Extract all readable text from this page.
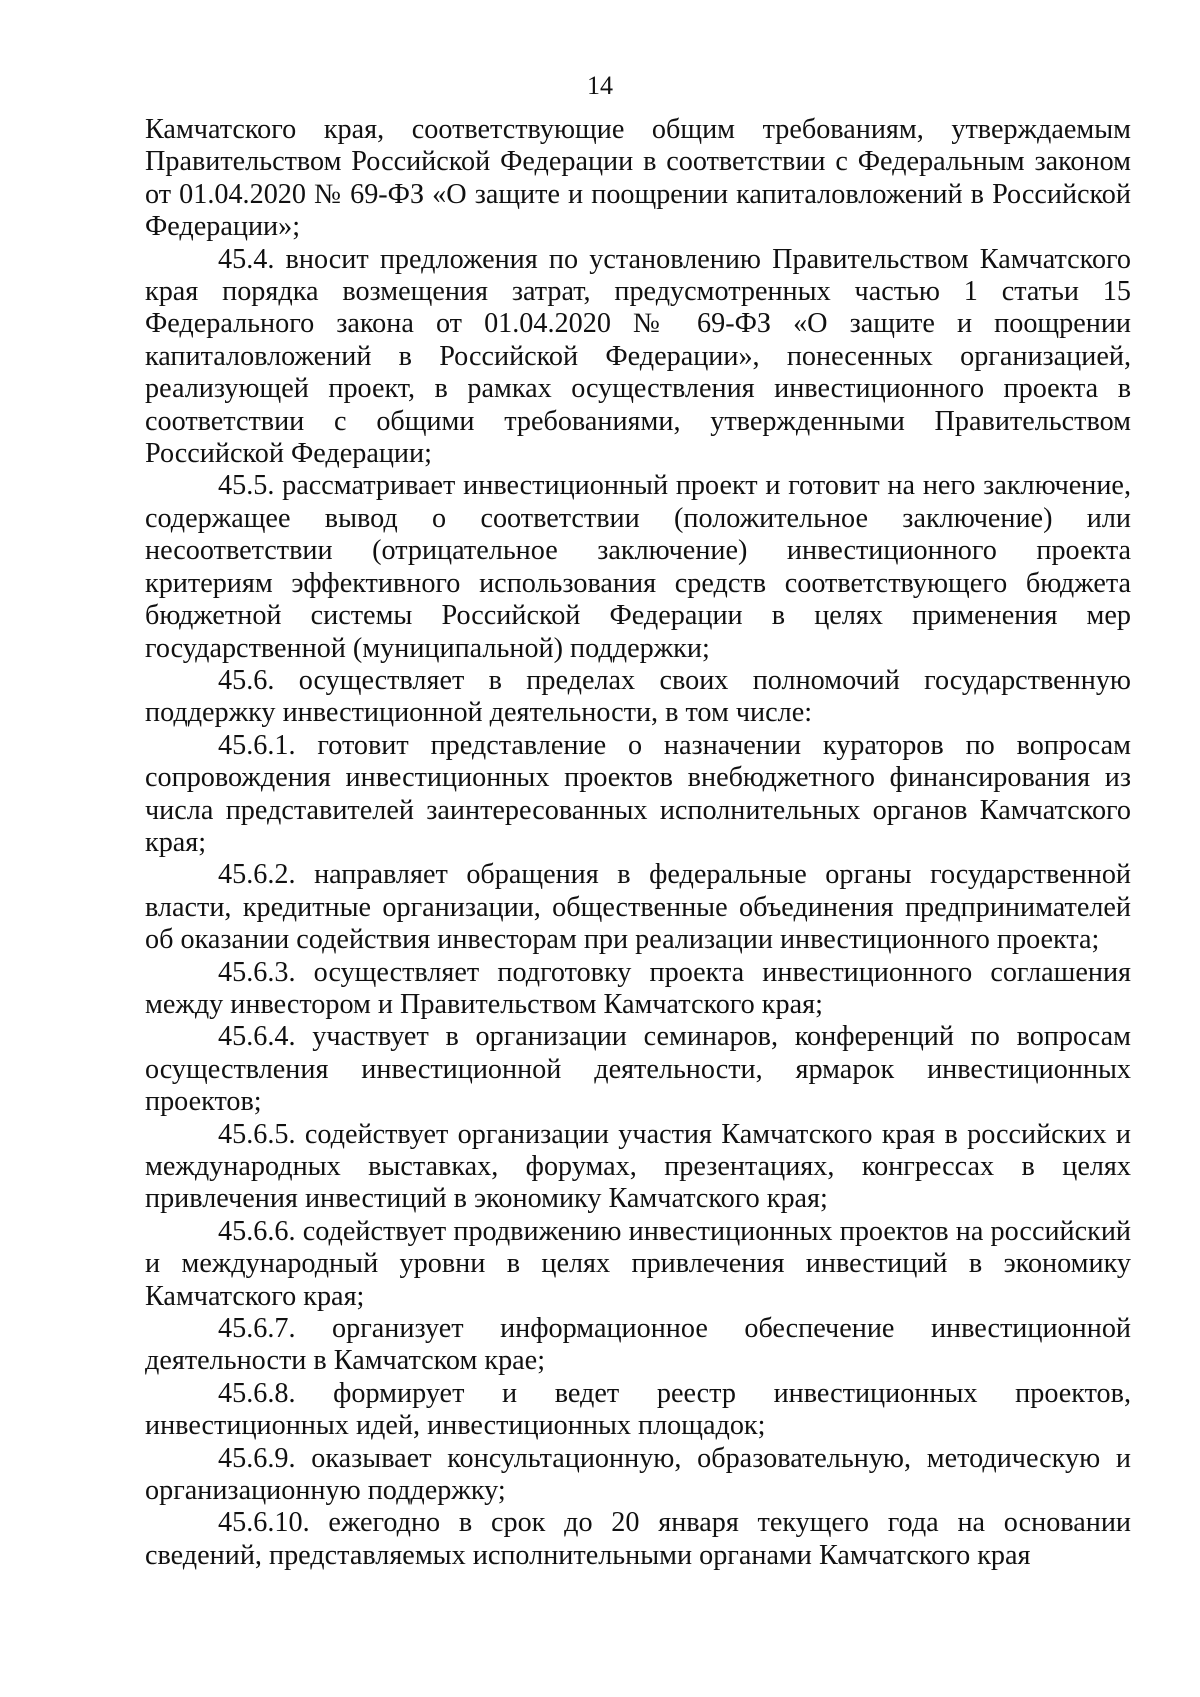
14

Камчатского края, соответствующие общим требованиям, утверждаемым Правительством Российской Федерации в соответствии с Федеральным законом от 01.04.2020 № 69-ФЗ «О защите и поощрении капиталовложений в Российской Федерации»;

45.4. вносит предложения по установлению Правительством Камчатского края порядка возмещения затрат, предусмотренных частью 1 статьи 15 Федерального закона от 01.04.2020 № 69-ФЗ «О защите и поощрении капиталовложений в Российской Федерации», понесенных организацией, реализующей проект, в рамках осуществления инвестиционного проекта в соответствии с общими требованиями, утвержденными Правительством Российской Федерации;

45.5. рассматривает инвестиционный проект и готовит на него заключение, содержащее вывод о соответствии (положительное заключение) или несоответствии (отрицательное заключение) инвестиционного проекта критериям эффективного использования средств соответствующего бюджета бюджетной системы Российской Федерации в целях применения мер государственной (муниципальной) поддержки;

45.6. осуществляет в пределах своих полномочий государственную поддержку инвестиционной деятельности, в том числе:

45.6.1. готовит представление о назначении кураторов по вопросам сопровождения инвестиционных проектов внебюджетного финансирования из числа представителей заинтересованных исполнительных органов Камчатского края;

45.6.2. направляет обращения в федеральные органы государственной власти, кредитные организации, общественные объединения предпринимателей об оказании содействия инвесторам при реализации инвестиционного проекта;

45.6.3. осуществляет подготовку проекта инвестиционного соглашения между инвестором и Правительством Камчатского края;

45.6.4. участвует в организации семинаров, конференций по вопросам осуществления инвестиционной деятельности, ярмарок инвестиционных проектов;

45.6.5. содействует организации участия Камчатского края в российских и международных выставках, форумах, презентациях, конгрессах в целях привлечения инвестиций в экономику Камчатского края;

45.6.6. содействует продвижению инвестиционных проектов на российский и международный уровни в целях привлечения инвестиций в экономику Камчатского края;

45.6.7. организует информационное обеспечение инвестиционной деятельности в Камчатском крае;

45.6.8. формирует и ведет реестр инвестиционных проектов, инвестиционных идей, инвестиционных площадок;

45.6.9. оказывает консультационную, образовательную, методическую и организационную поддержку;

45.6.10. ежегодно в срок до 20 января текущего года на основании сведений, представляемых исполнительными органами Камчатского края
